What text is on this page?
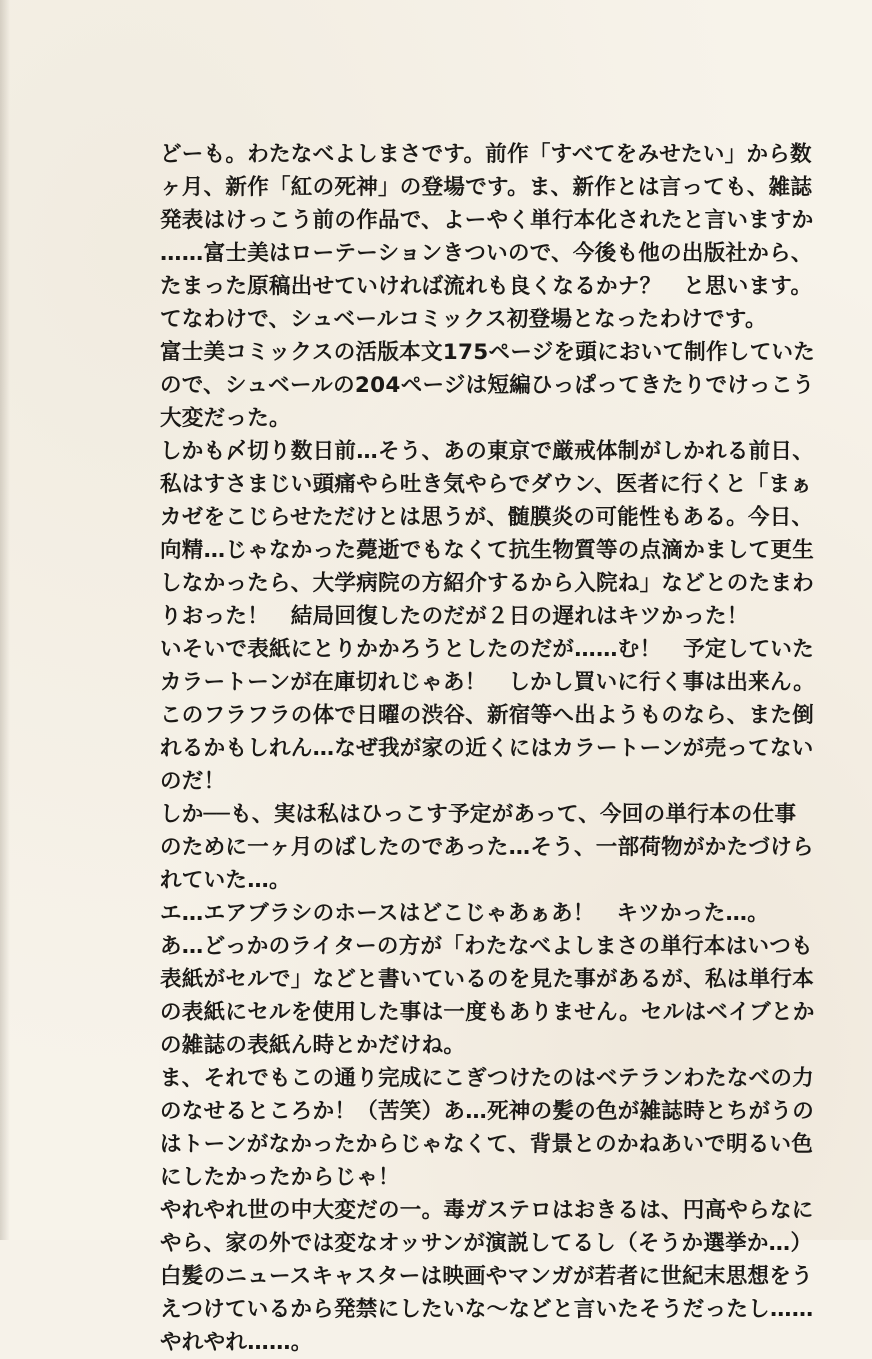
どーも。わたなべよしまさです。前作「すべてをみせたい」から数
ヶ月、新作「紅の死神」の登場です。ま、新作とは言っても、雑誌
発表はけっこう前の作品で、よーやく単行本化されたと言いますか
……富士美はローテーションきついので、今後も他の出版社から、
たまった原稿出せていければ流れも良くなるかナ？　と思います。
てなわけで、シュベールコミックス初登場となったわけです。
富士美コミックスの活版本文175ページを頭において制作していた
ので、シュベールの204ページは短編ひっぱってきたりでけっこう
大変だった。
しかも〆切り数日前…そう、あの東京で厳戒体制がしかれる前日、
私はすさまじい頭痛やら吐き気やらでダウン、医者に行くと「まぁ
カゼをこじらせただけとは思うが、髄膜炎の可能性もある。今日、
向精…じゃなかった薨逝でもなくて抗生物質等の点滴かまして更生
しなかったら、大学病院の方紹介するから入院ね」などとのたまわ
りおった！　結局回復したのだが２日の遅れはキツかった！
いそいで表紙にとりかかろうとしたのだが……む！　予定していた
カラートーンが在庫切れじゃあ！　しかし買いに行く事は出来ん。
このフラフラの体で日曜の渋谷、新宿等へ出ようものなら、また倒
れるかもしれん…なぜ我が家の近くにはカラートーンが売ってない
のだ！
しか──も、実は私はひっこす予定があって、今回の単行本の仕事
のために一ヶ月のばしたのであった…そう、一部荷物がかたづけら
れていた…。
エ…エアブラシのホースはどこじゃあぁあ！　キツかった…。
あ…どっかのライターの方が「わたなべよしまさの単行本はいつも
表紙がセルで」などと書いているのを見た事があるが、私は単行本
の表紙にセルを使用した事は一度もありません。セルはベイブとか
の雑誌の表紙ん時とかだけね。
ま、それでもこの通り完成にこぎつけたのはベテランわたなべの力
のなせるところか！（苦笑）あ…死神の髪の色が雑誌時とちがうの
はトーンがなかったからじゃなくて、背景とのかねあいで明るい色
にしたかったからじゃ！
やれやれ世の中大変だの一。毒ガステロはおきるは、円高やらなに
やら、家の外では変なオッサンが演説してるし（そうか選挙か…）
白髪のニュースキャスターは映画やマンガが若者に世紀末思想をう
えつけているから発禁にしたいな～などと言いたそうだったし……
やれやれ……。
